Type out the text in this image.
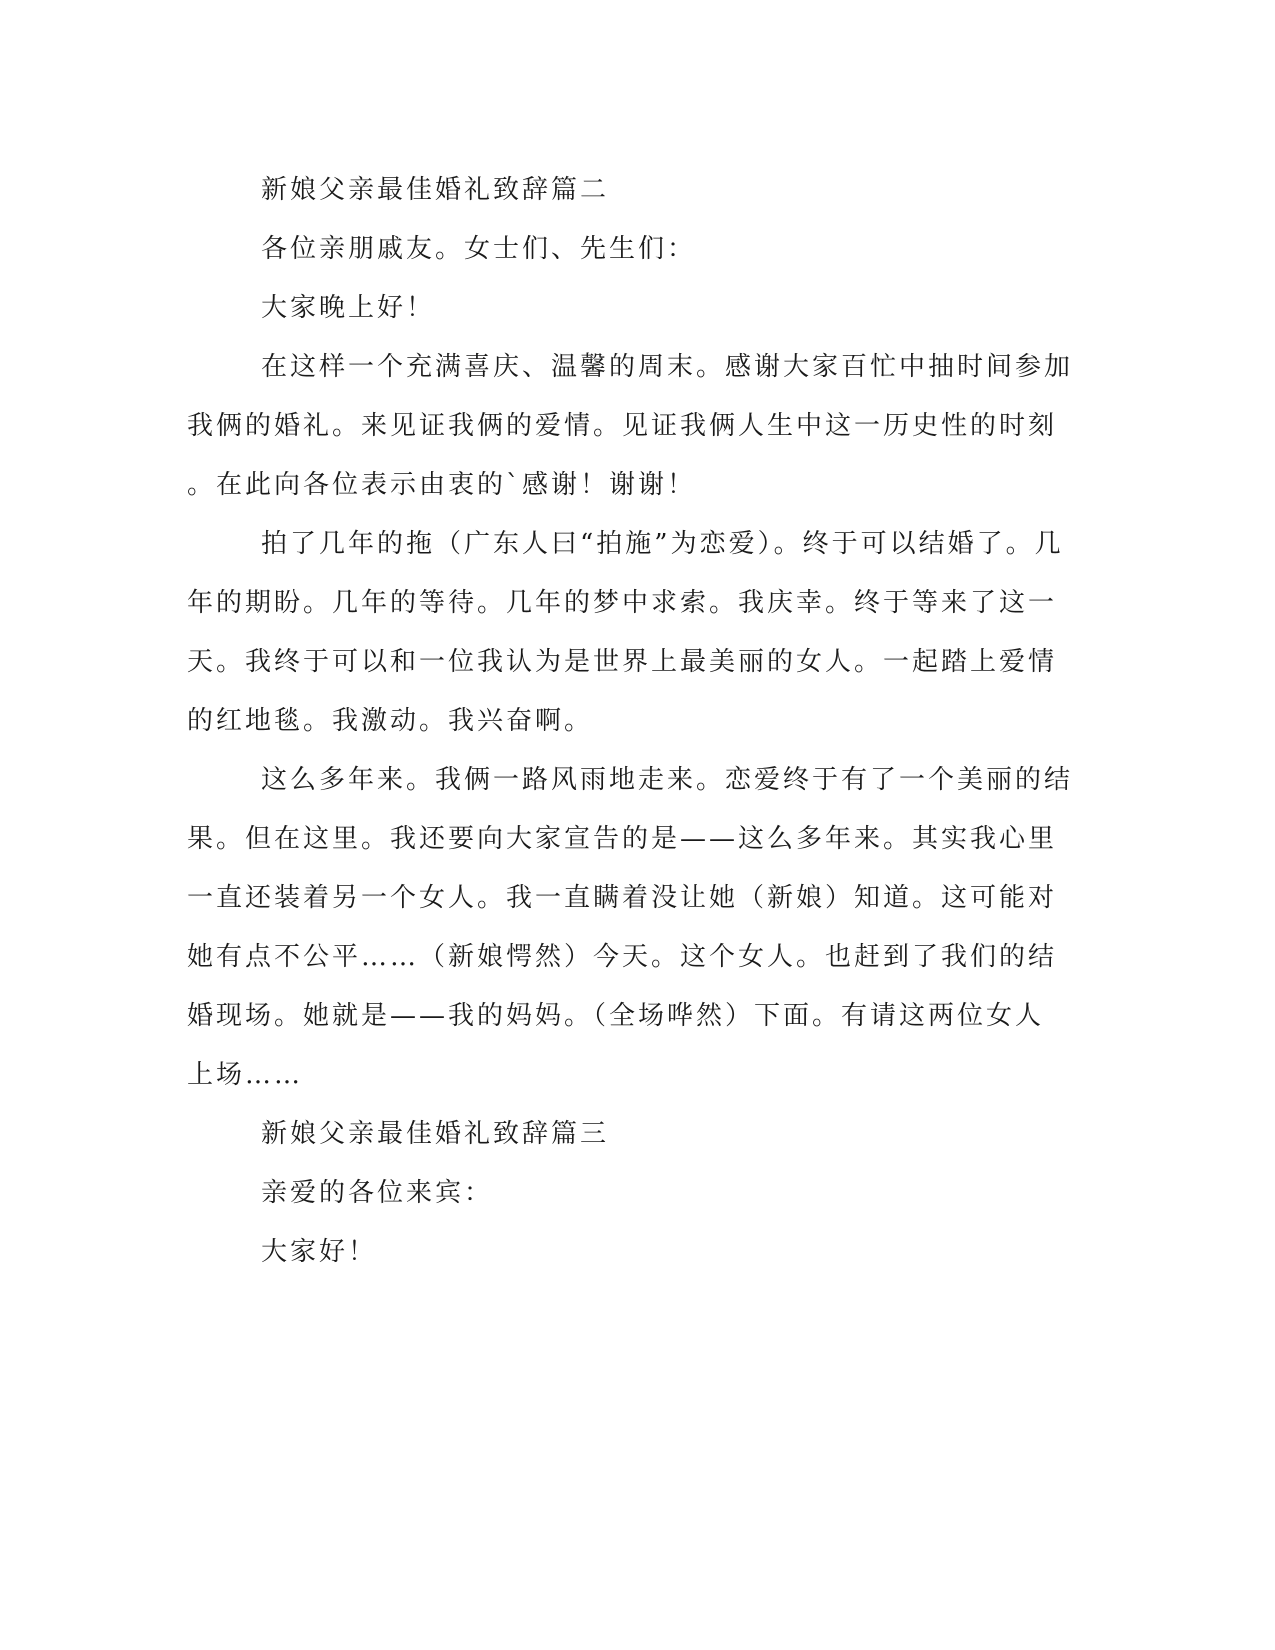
新娘父亲最佳婚礼致辞篇二
各位亲朋戚友。女士们、先生们：
大家晚上好！
在这样一个充满喜庆、温馨的周末。感谢大家百忙中抽时间参加
我俩的婚礼。来见证我俩的爱情。见证我俩人生中这一历史性的时刻
。在此向各位表示由衷的`感谢！谢谢！
拍了几年的拖（广东人曰“拍施”为恋爱）。终于可以结婚了。几
年的期盼。几年的等待。几年的梦中求索。我庆幸。终于等来了这一
天。我终于可以和一位我认为是世界上最美丽的女人。一起踏上爱情
的红地毯。我激动。我兴奋啊。
这么多年来。我俩一路风雨地走来。恋爱终于有了一个美丽的结
果。但在这里。我还要向大家宣告的是——这么多年来。其实我心里
一直还装着另一个女人。我一直瞒着没让她（新娘）知道。这可能对
她有点不公平……（新娘愕然）今天。这个女人。也赶到了我们的结
婚现场。她就是——我的妈妈。（全场哗然）下面。有请这两位女人
上场……
新娘父亲最佳婚礼致辞篇三
亲爱的各位来宾：
大家好！
